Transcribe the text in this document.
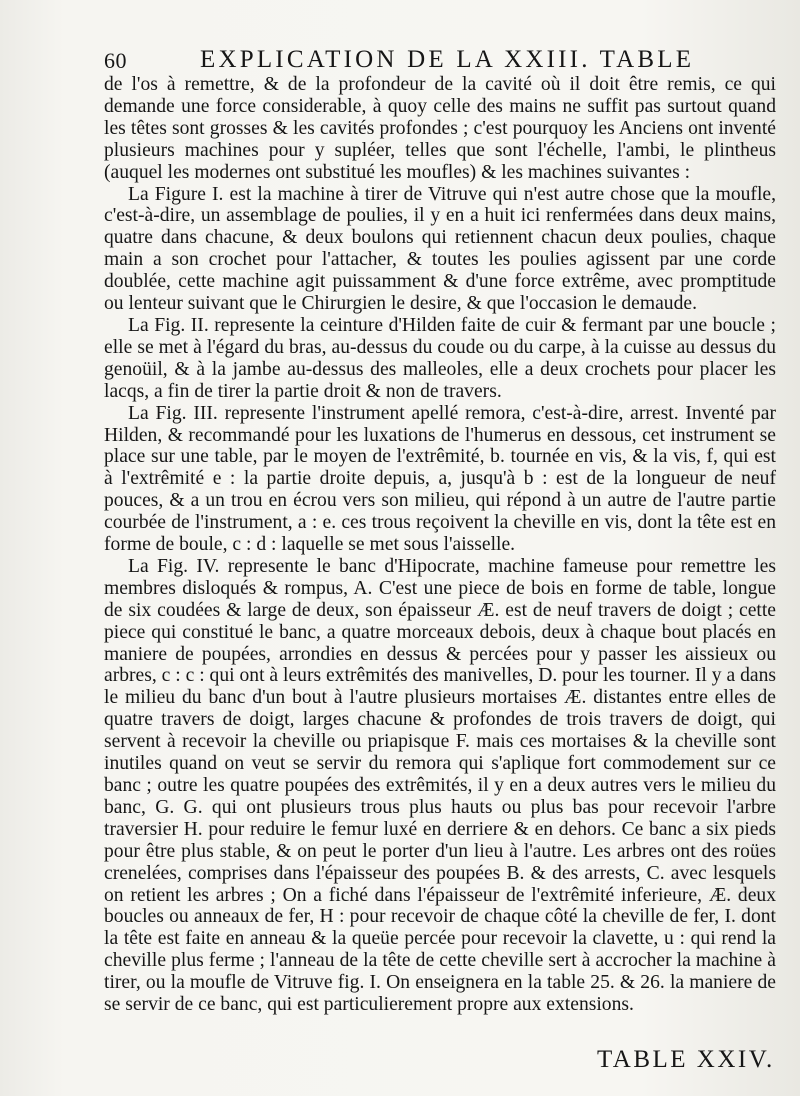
60	EXPLICATION DE LA XXIII. TABLE

de l'os à remettre, & de la profondeur de la cavité où il doit être remis, ce qui demande une force considerable, à quoy celle des mains ne suffit pas surtout quand les têtes sont grosses & les cavités profondes ; c'est pourquoy les Anciens ont inventé plusieurs machines pour y supléer, telles que sont l'échelle, l'ambi, le plintheus (auquel les modernes ont substitué les moufles) & les machines suivantes :

La Figure I. est la machine à tirer de Vitruve qui n'est autre chose que la moufle, c'est-à-dire, un assemblage de poulies, il y en a huit ici renfermées dans deux mains, quatre dans chacune, & deux boulons qui retiennent chacun deux poulies, chaque main a son crochet pour l'attacher, & toutes les poulies agissent par une corde doublée, cette machine agit puissamment & d'une force extrême, avec promptitude ou lenteur suivant que le Chirurgien le desire, & que l'occasion le demaude.

La Fig. II. represente la ceinture d'Hilden faite de cuir & fermant par une boucle ; elle se met à l'égard du bras, au-dessus du coude ou du carpe, à la cuisse au dessus du genoüil, & à la jambe au-dessus des malleoles, elle a deux crochets pour placer les lacqs, a fin de tirer la partie droit & non de travers.

La Fig. III. represente l'instrument apellé remora, c'est-à-dire, arrest. Inventé par Hilden, & recommandé pour les luxations de l'humerus en dessous, cet instrument se place sur une table, par le moyen de l'extrêmité, b. tournée en vis, & la vis, f, qui est à l'extrêmité e : la partie droite depuis, a, jusqu'à b : est de la longueur de neuf pouces, & a un trou en écrou vers son milieu, qui répond à un autre de l'autre partie courbée de l'instrument, a : e. ces trous reçoivent la cheville en vis, dont la tête est en forme de boule, c : d : laquelle se met sous l'aisselle.

La Fig. IV. represente le banc d'Hipocrate, machine fameuse pour remettre les membres disloqués & rompus, A. C'est une piece de bois en forme de table, longue de six coudées & large de deux, son épaisseur Æ. est de neuf travers de doigt ; cette piece qui constitué le banc, a quatre morceaux debois, deux à chaque bout placés en maniere de poupées, arrondies en dessus & percées pour y passer les aissieux ou arbres, c : c : qui ont à leurs extrêmités des manivelles, D. pour les tourner. Il y a dans le milieu du banc d'un bout à l'autre plusieurs mortaises Æ. distantes entre elles de quatre travers de doigt, larges chacune & profondes de trois travers de doigt, qui servent à recevoir la cheville ou priapisque F. mais ces mortaises & la cheville sont inutiles quand on veut se servir du remora qui s'aplique fort commodement sur ce banc ; outre les quatre poupées des extrêmités, il y en a deux autres vers le milieu du banc, G. G. qui ont plusieurs trous plus hauts ou plus bas pour recevoir l'arbre traversier H. pour reduire le femur luxé en derriere & en dehors. Ce banc a six pieds pour être plus stable, & on peut le porter d'un lieu à l'autre. Les arbres ont des roües crenelées, comprises dans l'épaisseur des poupées B. & des arrests, C. avec lesquels on retient les arbres ; On a fiché dans l'épaisseur de l'extrêmité inferieure, Æ. deux boucles ou anneaux de fer, H : pour recevoir de chaque côté la cheville de fer, I. dont la tête est faite en anneau & la queüe percée pour recevoir la clavette, u : qui rend la cheville plus ferme ; l'anneau de la tête de cette cheville sert à accrocher la machine à tirer, ou la moufle de Vitruve fig. I. On enseignera en la table 25. & 26. la maniere de se servir de ce banc, qui est particulierement propre aux extensions.

TABLE XXIV.
